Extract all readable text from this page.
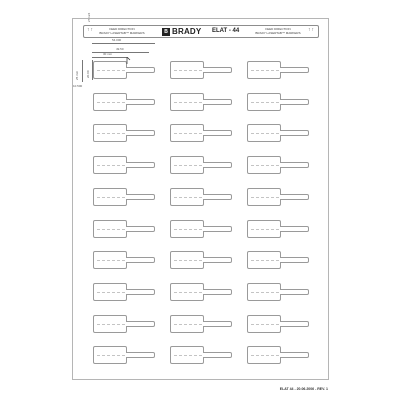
↑↑	FEED DIRECTION
BRADY LASERTAB™ MARKERS	B BRADY ELAT - 44	FEED DIRECTION
BRADY LASERTAB™ MARKERS ↑↑
54.000
49.50
30 mm
20.00
25 mm
10.500
27.124
ELAT 44 - 20.06.2006 - REV. 1
